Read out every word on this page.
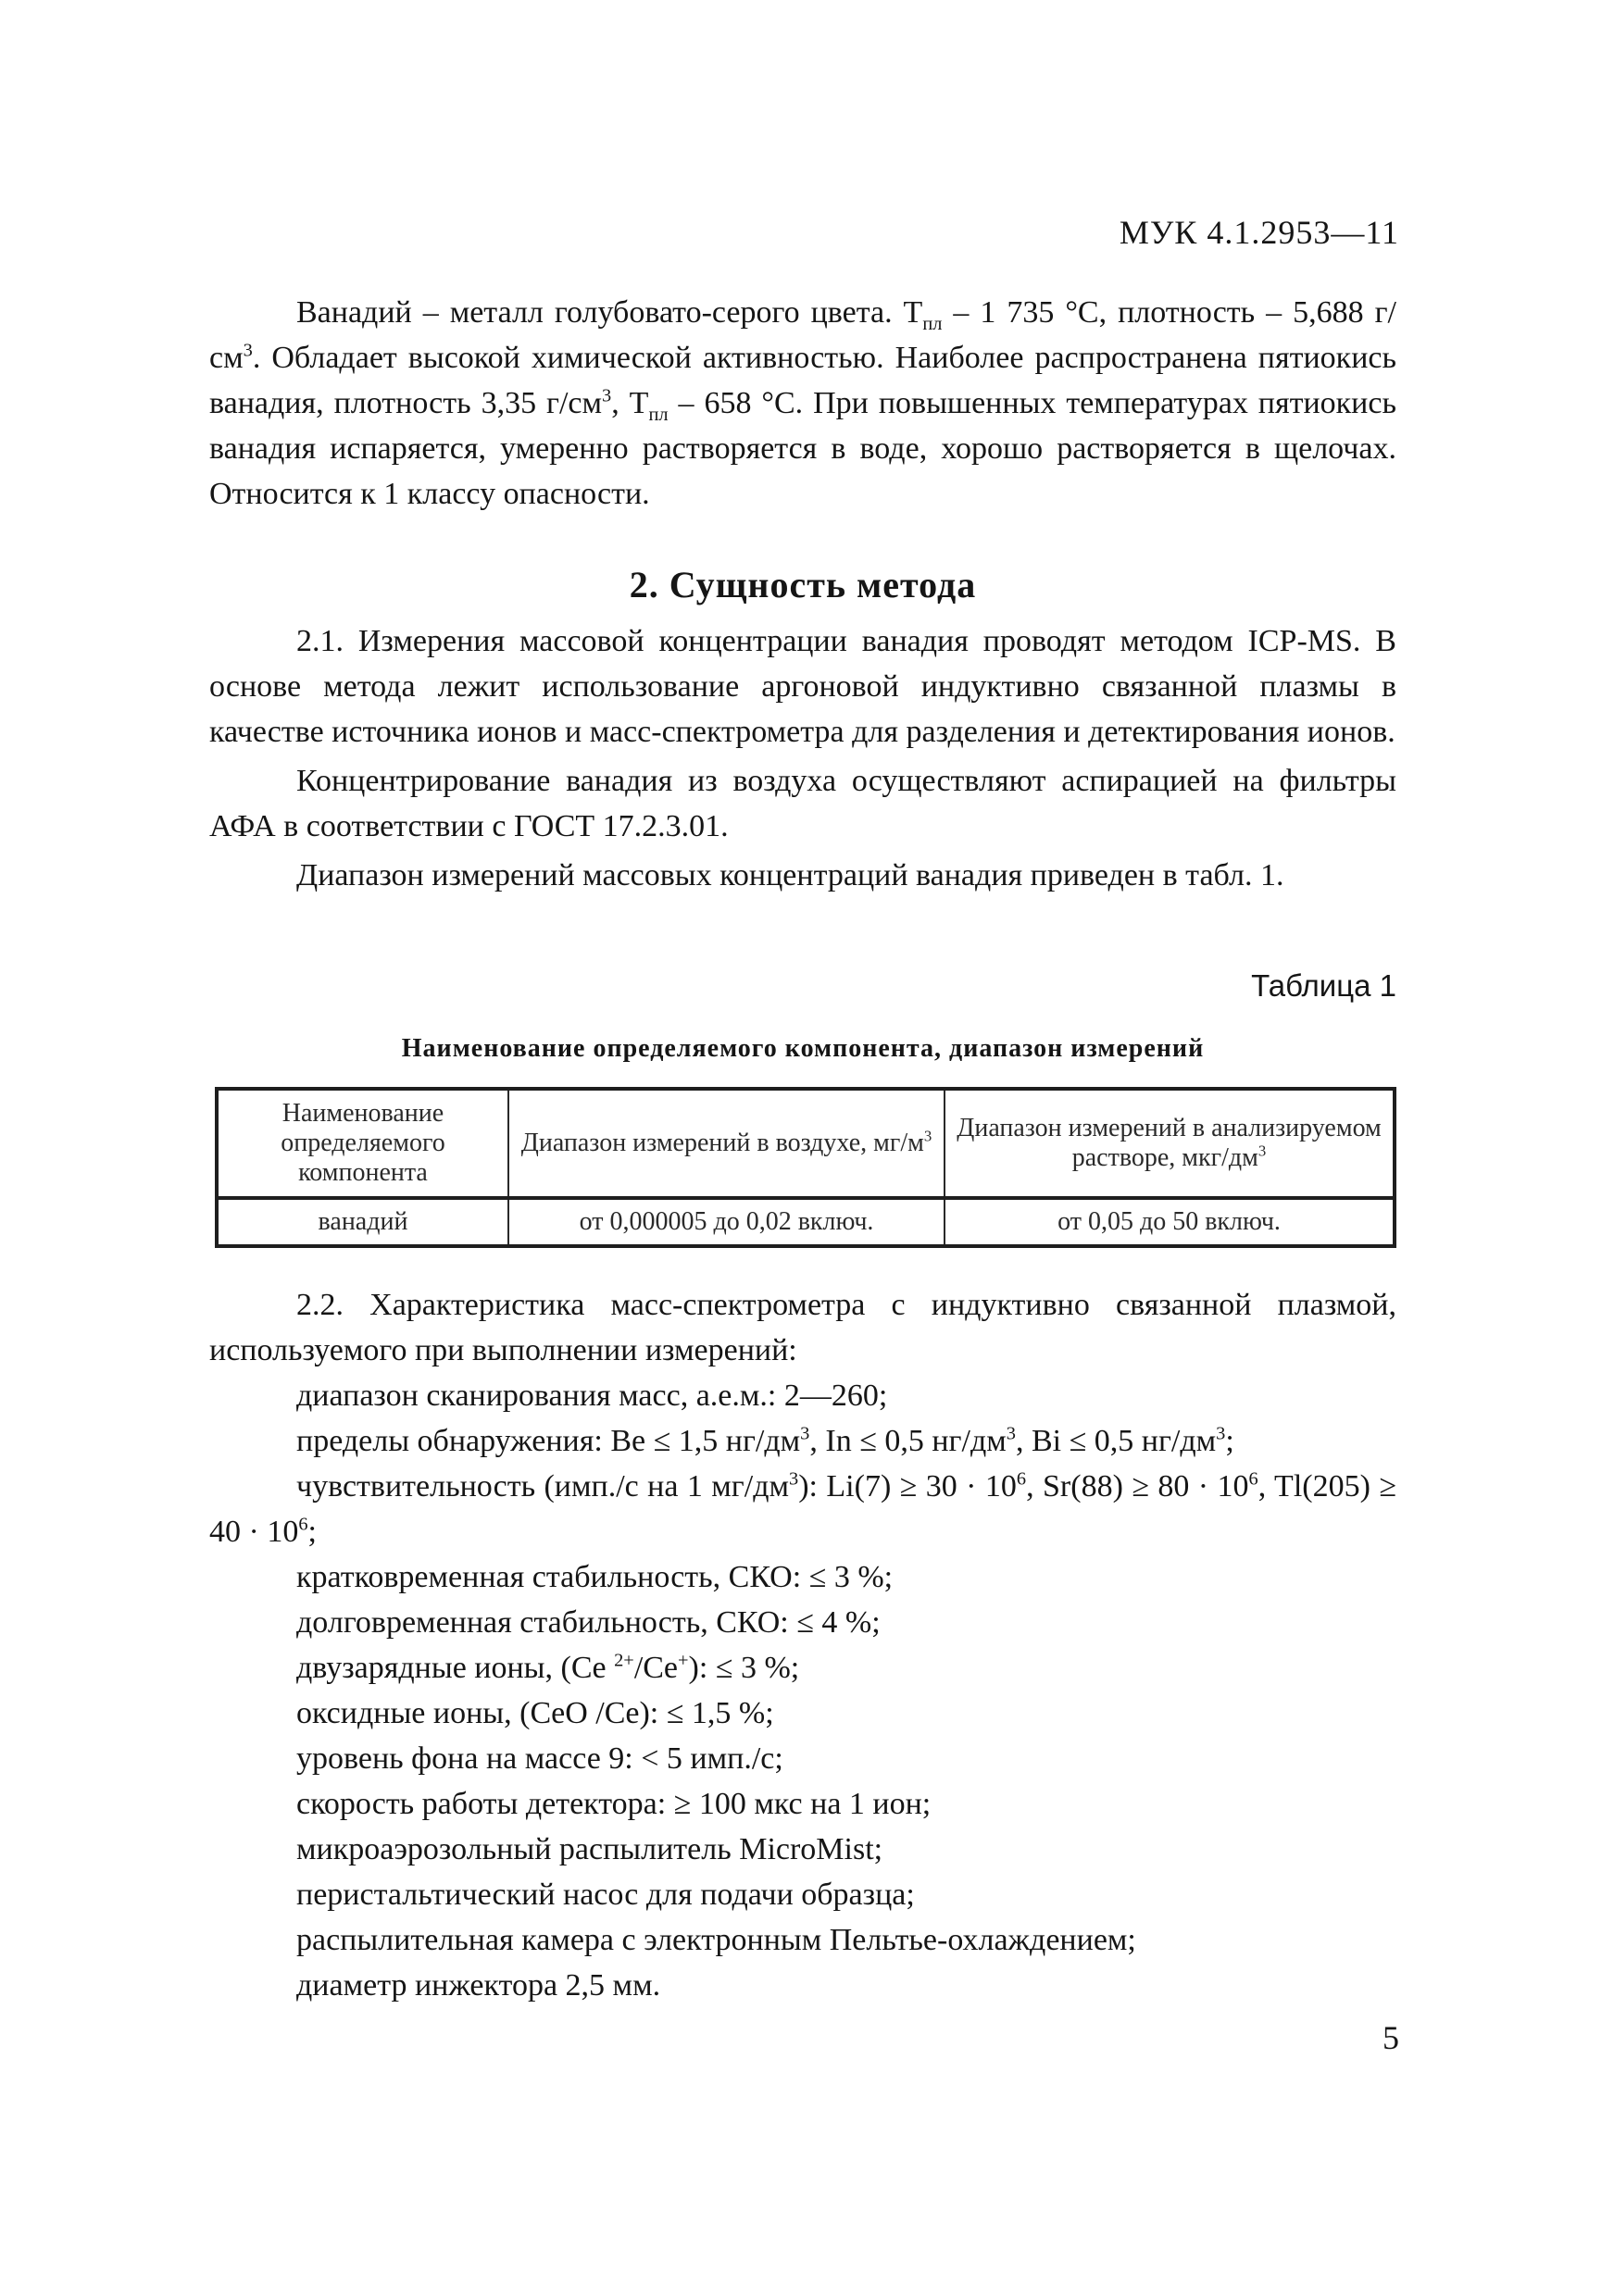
МУК 4.1.2953—11

Ванадий – металл голубовато-серого цвета. $Т_{пл} - 1$ 735 °С, плотность – 5,688 $г/см^3$. Обладает высокой химической активностью. Наиболее распространена пятиокись ванадия, плотность 3,35 $г/см^3$, $Т_{пл} - 658$ °С. При повышенных температурах пятиокись ванадия испаряется, умеренно растворяется в воде, хорошо растворяется в щелочах. Относится к 1 классу опасности.

2. Сущность метода

2.1. Измерения массовой концентрации ванадия проводят методом ICP-MS. В основе метода лежит использование аргоновой индуктивно связанной плазмы в качестве источника ионов и масс-спектрометра для разделения и детектирования ионов.

Концентрирование ванадия из воздуха осуществляют аспирацией на фильтры АФА в соответствии с ГОСТ 17.2.3.01.

Диапазон измерений массовых концентраций ванадия приведен в табл. 1.

Таблица 1
Наименование определяемого компонента, диапазон измерений
Наименование определяемого компонента	Диапазон измерений в воздухе, $мг/м^3$	Диапазон измерений в анализируемом растворе, мкг/$дм^3$
ванадий	от 0,000005 до 0,02 включ.	от 0,05 до 50 включ.

2.2. Характеристика масс-спектрометра с индуктивно связанной плазмой, используемого при выполнении измерений:

диапазон сканирования масс, а.е.м.: 2—260;

пределы обнаружения: Be ≤ 1,5 $нг/дм^3$, In ≤ 0,5 $нг/дм^3$, Bi ≤ 0,5 $нг/дм^3$;

чувствительность (имп./с на 1 $мг/дм^3$): $Li(7) \ge 30 \cdot 10^6$, $Sr(88) \ge 80 \cdot 10^6$, $Tl(205) \ge 40 \cdot 10^6$;

кратковременная стабильность, СКО: ≤ 3 %;

долговременная стабильность, СКО: ≤ 4 %;

двузарядные ионы, (Ce $^{2+}$/Ce+): ≤ 3 %;

оксидные ионы, (CeO /Ce): ≤ 1,5 %;

уровень фона на массе 9: < 5 имп./с;

скорость работы детектора: ≥ 100 мкс на 1 ион;

микроаэрозольный распылитель MicroMist;

перистальтический насос для подачи образца;

распылительная камера с электронным Пельтье-охлаждением;

диаметр инжектора 2,5 мм.

5
